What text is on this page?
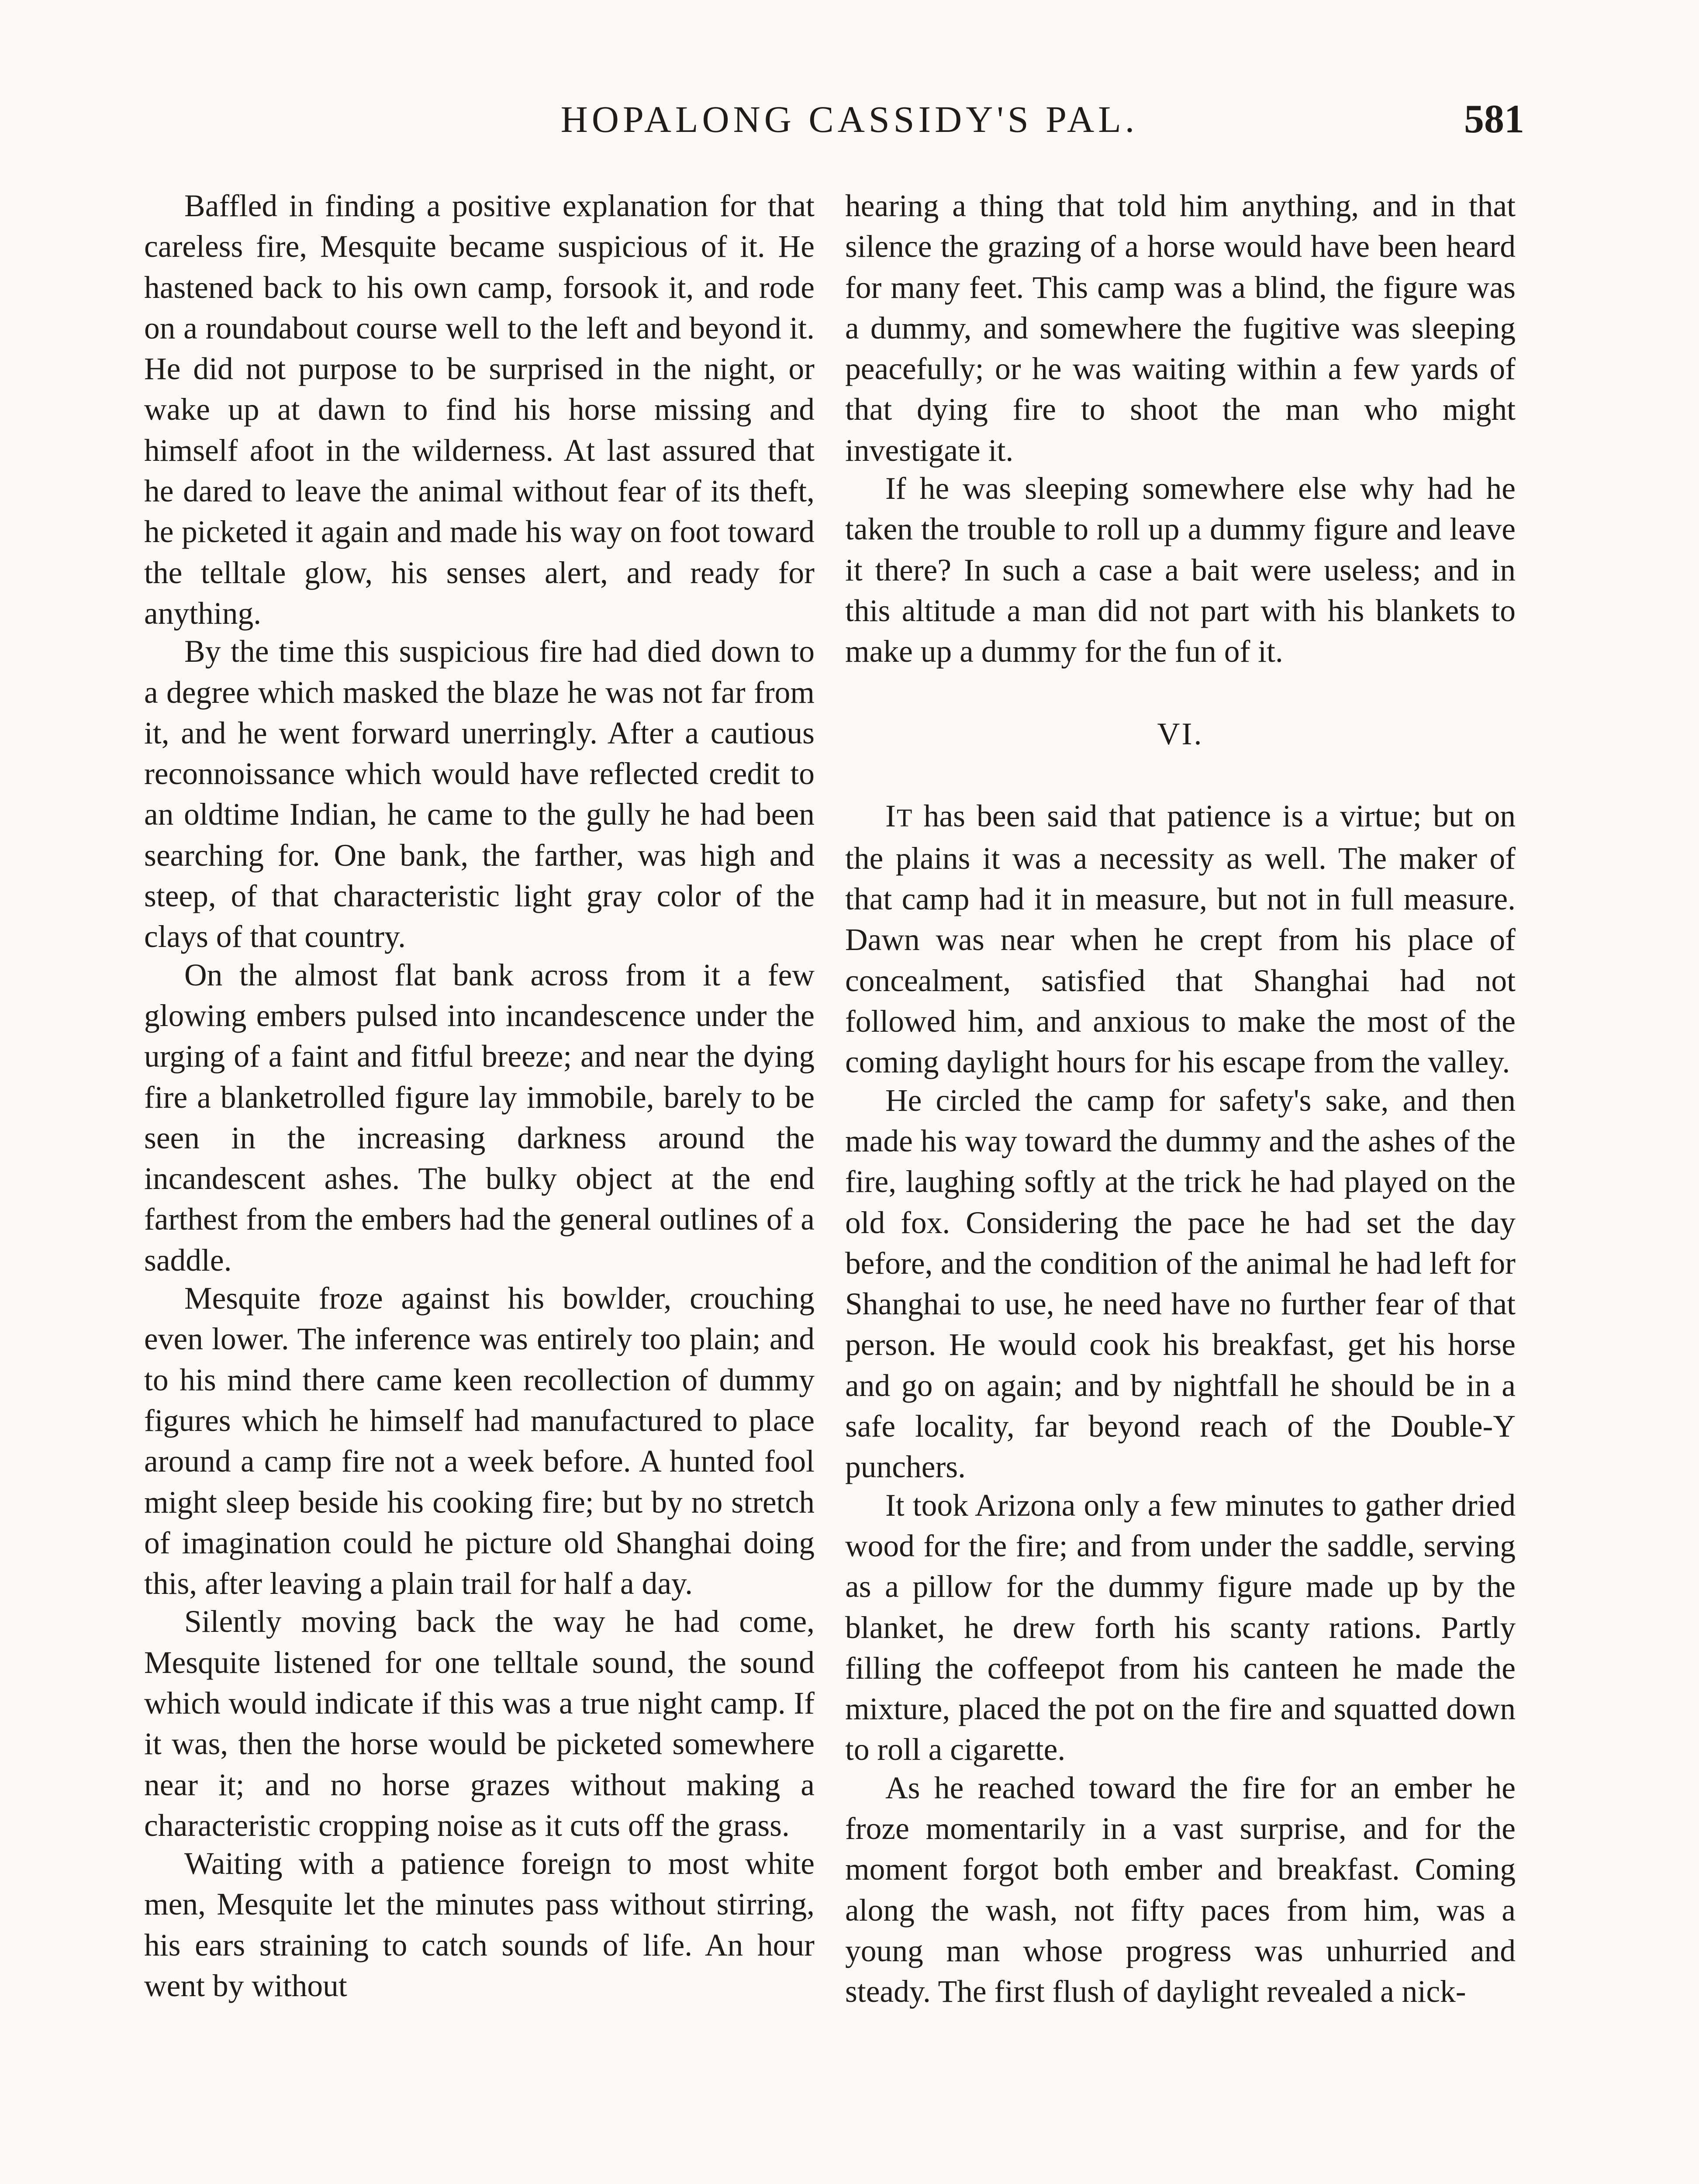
HOPALONG CASSIDY'S PAL.	581

Baffled in finding a positive explanation for that careless fire, Mesquite became suspicious of it. He hastened back to his own camp, forsook it, and rode on a roundabout course well to the left and beyond it. He did not purpose to be surprised in the night, or wake up at dawn to find his horse missing and himself afoot in the wilderness. At last assured that he dared to leave the animal without fear of its theft, he picketed it again and made his way on foot toward the telltale glow, his senses alert, and ready for anything.

By the time this suspicious fire had died down to a degree which masked the blaze he was not far from it, and he went forward unerringly. After a cautious reconnoissance which would have reflected credit to an oldtime Indian, he came to the gully he had been searching for. One bank, the farther, was high and steep, of that characteristic light gray color of the clays of that country.

On the almost flat bank across from it a few glowing embers pulsed into incandescence under the urging of a faint and fitful breeze; and near the dying fire a blanketrolled figure lay immobile, barely to be seen in the increasing darkness around the incandescent ashes. The bulky object at the end farthest from the embers had the general outlines of a saddle.

Mesquite froze against his bowlder, crouching even lower. The inference was entirely too plain; and to his mind there came keen recollection of dummy figures which he himself had manufactured to place around a camp fire not a week before. A hunted fool might sleep beside his cooking fire; but by no stretch of imagination could he picture old Shanghai doing this, after leaving a plain trail for half a day.

Silently moving back the way he had come, Mesquite listened for one telltale sound, the sound which would indicate if this was a true night camp. If it was, then the horse would be picketed somewhere near it; and no horse grazes without making a characteristic cropping noise as it cuts off the grass.

Waiting with a patience foreign to most white men, Mesquite let the minutes pass without stirring, his ears straining to catch sounds of life. An hour went by without

hearing a thing that told him anything, and in that silence the grazing of a horse would have been heard for many feet. This camp was a blind, the figure was a dummy, and somewhere the fugitive was sleeping peacefully; or he was waiting within a few yards of that dying fire to shoot the man who might investigate it.

If he was sleeping somewhere else why had he taken the trouble to roll up a dummy figure and leave it there? In such a case a bait were useless; and in this altitude a man did not part with his blankets to make up a dummy for the fun of it.

VI.

IT has been said that patience is a virtue; but on the plains it was a necessity as well. The maker of that camp had it in measure, but not in full measure. Dawn was near when he crept from his place of concealment, satisfied that Shanghai had not followed him, and anxious to make the most of the coming daylight hours for his escape from the valley.

He circled the camp for safety's sake, and then made his way toward the dummy and the ashes of the fire, laughing softly at the trick he had played on the old fox. Considering the pace he had set the day before, and the condition of the animal he had left for Shanghai to use, he need have no further fear of that person. He would cook his breakfast, get his horse and go on again; and by nightfall he should be in a safe locality, far beyond reach of the Double-Y punchers.

It took Arizona only a few minutes to gather dried wood for the fire; and from under the saddle, serving as a pillow for the dummy figure made up by the blanket, he drew forth his scanty rations. Partly filling the coffeepot from his canteen he made the mixture, placed the pot on the fire and squatted down to roll a cigarette.

As he reached toward the fire for an ember he froze momentarily in a vast surprise, and for the moment forgot both ember and breakfast. Coming along the wash, not fifty paces from him, was a young man whose progress was unhurried and steady. The first flush of daylight revealed a nick-
